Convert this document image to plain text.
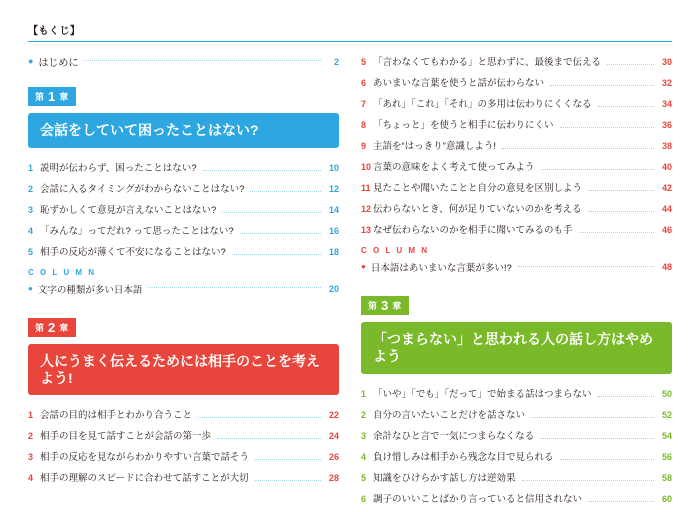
【もくじ】
● はじめに	2
第 1 章
会話をしていて困ったことはない?
1 説明が伝わらず、困ったことはない?	10
2 会話に入るタイミングがわからないことはない?	12
3 恥ずかしくて意見が言えないことはない?	14
4 「みんな」ってだれ? って思ったことはない?	16
5 相手の反応が薄くて不安になることはない?	18
C O L U M N
● 文字の種類が多い日本語	20
第 2 章
人にうまく伝えるためには相手のことを考えよう!
1 会話の目的は相手とわかり合うこと	22
2 相手の目を見て話すことが会話の第一歩	24
3 相手の反応を見ながらわかりやすい言葉で話そう	26
4 相手の理解のスピードに合わせて話すことが大切	28
5 「言わなくてもわかる」と思わずに、最後まで伝える	30
6 あいまいな言葉を使うと話が伝わらない	32
7 「あれ」「これ」「それ」の多用は伝わりにくくなる	34
8 「ちょっと」を使うと相手に伝わりにくい	36
9 主語を“はっきり”意識しよう!	38
10 言葉の意味をよく考えて使ってみよう	40
11 見たことや聞いたことと自分の意見を区別しよう	42
12 伝わらないとき、何が足りていないのかを考える	44
13 なぜ伝わらないのかを相手に聞いてみるのも手	46
C O L U M N
● 日本語はあいまいな言葉が多い!?	48
第 3 章
「つまらない」と思われる人の話し方はやめよう
1 「いや」「でも」「だって」で始まる話はつまらない	50
2 自分の言いたいことだけを話さない	52
3 余計なひと言で一気につまらなくなる	54
4 負け惜しみは相手から残念な目で見られる	56
5 知識をひけらかす話し方は逆効果	58
6 調子のいいことばかり言っていると信用されない	60
